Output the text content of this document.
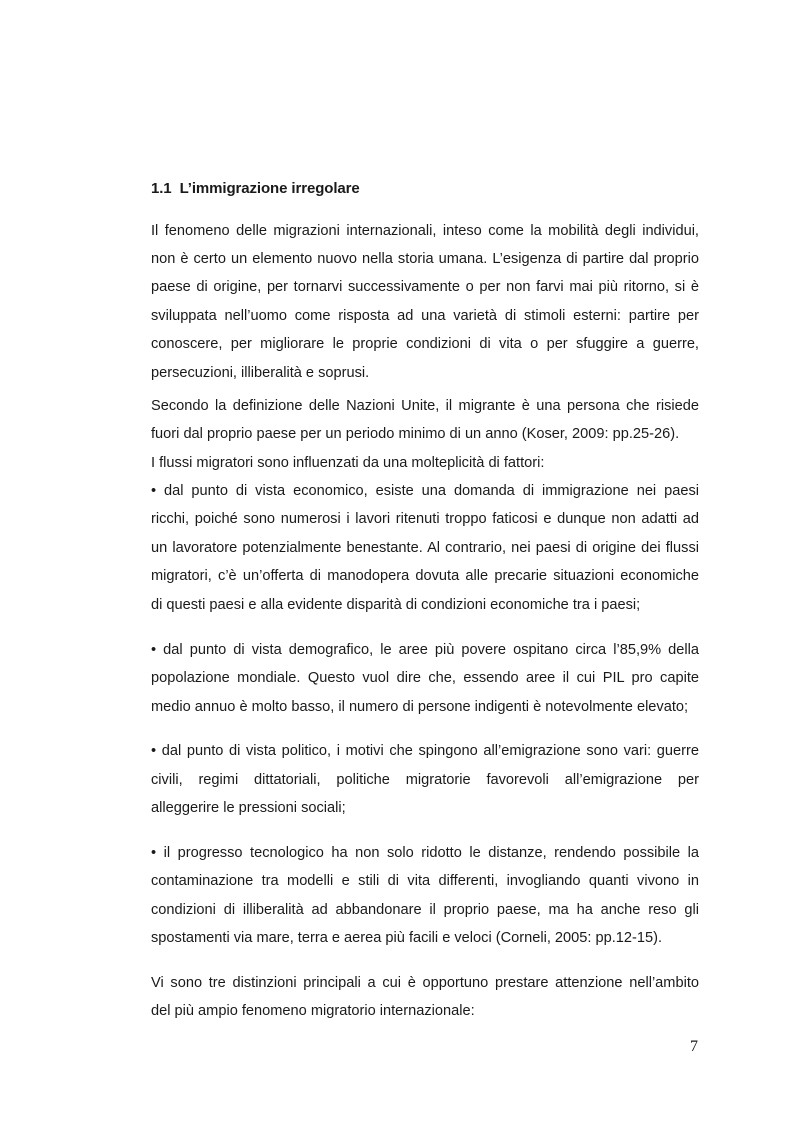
1.1 L’immigrazione irregolare
Il fenomeno delle migrazioni internazionali, inteso come la mobilità degli individui,
non è certo un elemento nuovo nella storia umana. L’esigenza di partire dal proprio
paese di origine, per tornarvi successivamente o per non farvi mai più ritorno, si è
sviluppata nell’uomo come risposta ad una varietà di stimoli esterni: partire per
conoscere, per migliorare le proprie condizioni di vita o per sfuggire a guerre,
persecuzioni, illiberalità e soprusi.
Secondo la definizione delle Nazioni Unite, il migrante è una persona che risiede
fuori dal proprio paese per un periodo minimo di un anno (Koser, 2009: pp.25-26).
I flussi migratori sono influenzati da una molteplicità di fattori:
• dal punto di vista economico, esiste una domanda di immigrazione nei paesi
ricchi, poiché sono numerosi i lavori ritenuti troppo faticosi e dunque non adatti ad
un lavoratore potenzialmente benestante. Al contrario, nei paesi di origine dei flussi
migratori, c’è un’offerta di manodopera dovuta alle precarie situazioni economiche
di questi paesi e alla evidente disparità di condizioni economiche tra i paesi;
• dal punto di vista demografico, le aree più povere ospitano circa l’85,9% della
popolazione mondiale. Questo vuol dire che, essendo aree il cui PIL pro capite
medio annuo è molto basso, il numero di persone indigenti è notevolmente elevato;
• dal punto di vista politico, i motivi che spingono all’emigrazione sono vari: guerre
civili, regimi dittatoriali, politiche migratorie favorevoli all’emigrazione per
alleggerire le pressioni sociali;
• il progresso tecnologico ha non solo ridotto le distanze, rendendo possibile la
contaminazione tra modelli e stili di vita differenti, invogliando quanti vivono in
condizioni di illiberalità ad abbandonare il proprio paese, ma ha anche reso gli
spostamenti via mare, terra e aerea più facili e veloci (Corneli, 2005: pp.12-15).
Vi sono tre distinzioni principali a cui è opportuno prestare attenzione nell’ambito
del più ampio fenomeno migratorio internazionale:
7
